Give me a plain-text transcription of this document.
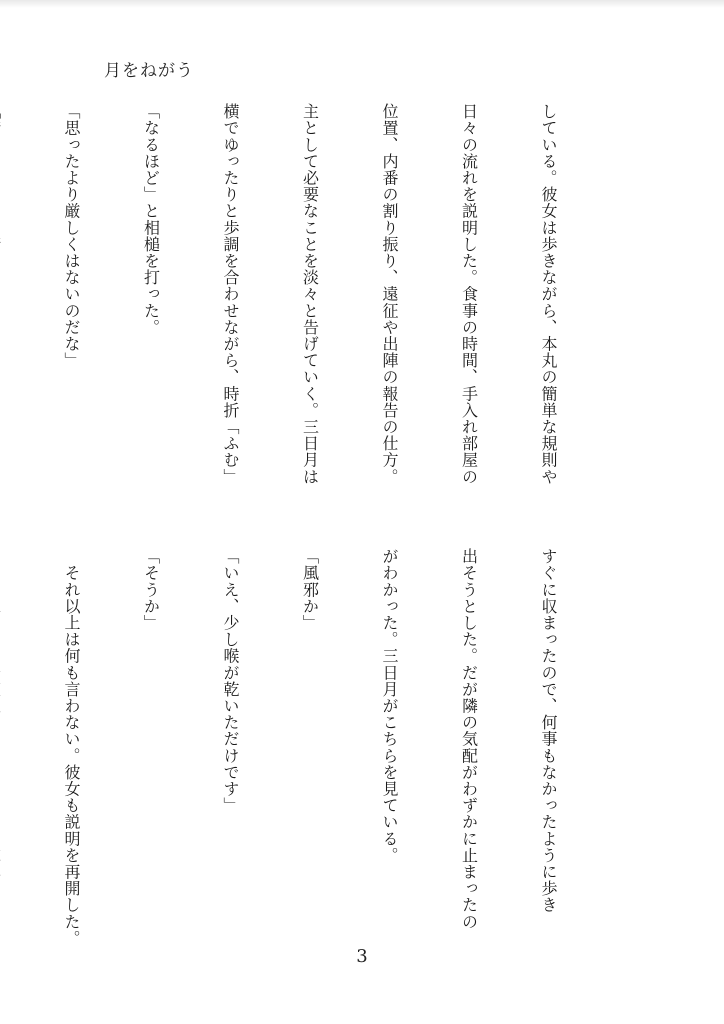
月をねがう

している。彼女は歩きながら、本丸の簡単な規則や

日々の流れを説明した。食事の時間、手入れ部屋の

位置、内番の割り振り、遠征や出陣の報告の仕方。

主として必要なことを淡々と告げていく。三日月は

横でゆったりと歩調を合わせながら、時折「ふむ」

「なるほど」と相槌を打った。

「思ったより厳しくはないのだな」

すぐに収まったので、何事もなかったように歩き

出そうとした。だが隣の気配がわずかに止まったの

がわかった。三日月がこちらを見ている。

「風邪か」

「いえ、少し喉が乾いただけです」

「そうか」

　それ以上は何も言わない。彼女も説明を再開した。

3
